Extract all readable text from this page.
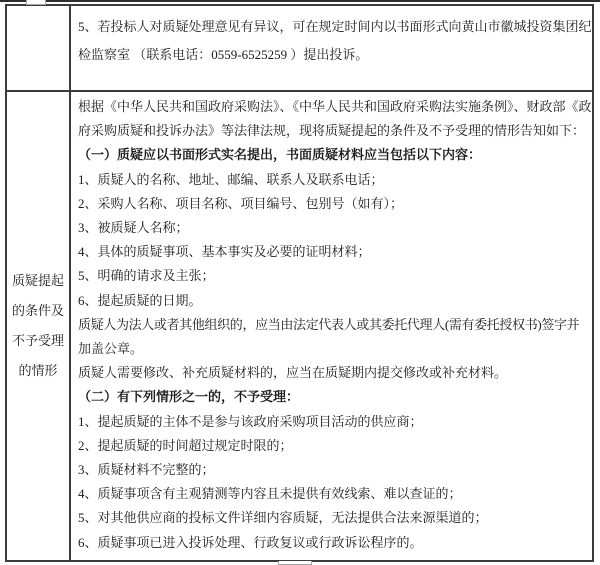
5、若投标人对质疑处理意见有异议，可在规定时间内以书面形式向黄山市徽城投资集团纪
检监察室 （联系电话：0559-6525259 ）提出投诉。
质疑提起
的条件及
不予受理
的情形
根据《中华人民共和国政府采购法》、《中华人民共和国政府采购法实施条例》、财政部《政
府采购质疑和投诉办法》等法律法规，现将质疑提起的条件及不予受理的情形告知如下：
（一）质疑应以书面形式实名提出，书面质疑材料应当包括以下内容：
1、质疑人的名称、地址、邮编、联系人及联系电话；
2、采购人名称、项目名称、项目编号、包别号（如有）；
3、被质疑人名称；
4、具体的质疑事项、基本事实及必要的证明材料；
5、明确的请求及主张；
6、提起质疑的日期。
质疑人为法人或者其他组织的，应当由法定代表人或其委托代理人(需有委托授权书)签字并
加盖公章。
质疑人需要修改、补充质疑材料的，应当在质疑期内提交修改或补充材料。
（二）有下列情形之一的，不予受理：
1、提起质疑的主体不是参与该政府采购项目活动的供应商；
2、提起质疑的时间超过规定时限的；
3、质疑材料不完整的；
4、质疑事项含有主观猜测等内容且未提供有效线索、难以查证的；
5、对其他供应商的投标文件详细内容质疑，无法提供合法来源渠道的；
6、质疑事项已进入投诉处理、行政复议或行政诉讼程序的。
